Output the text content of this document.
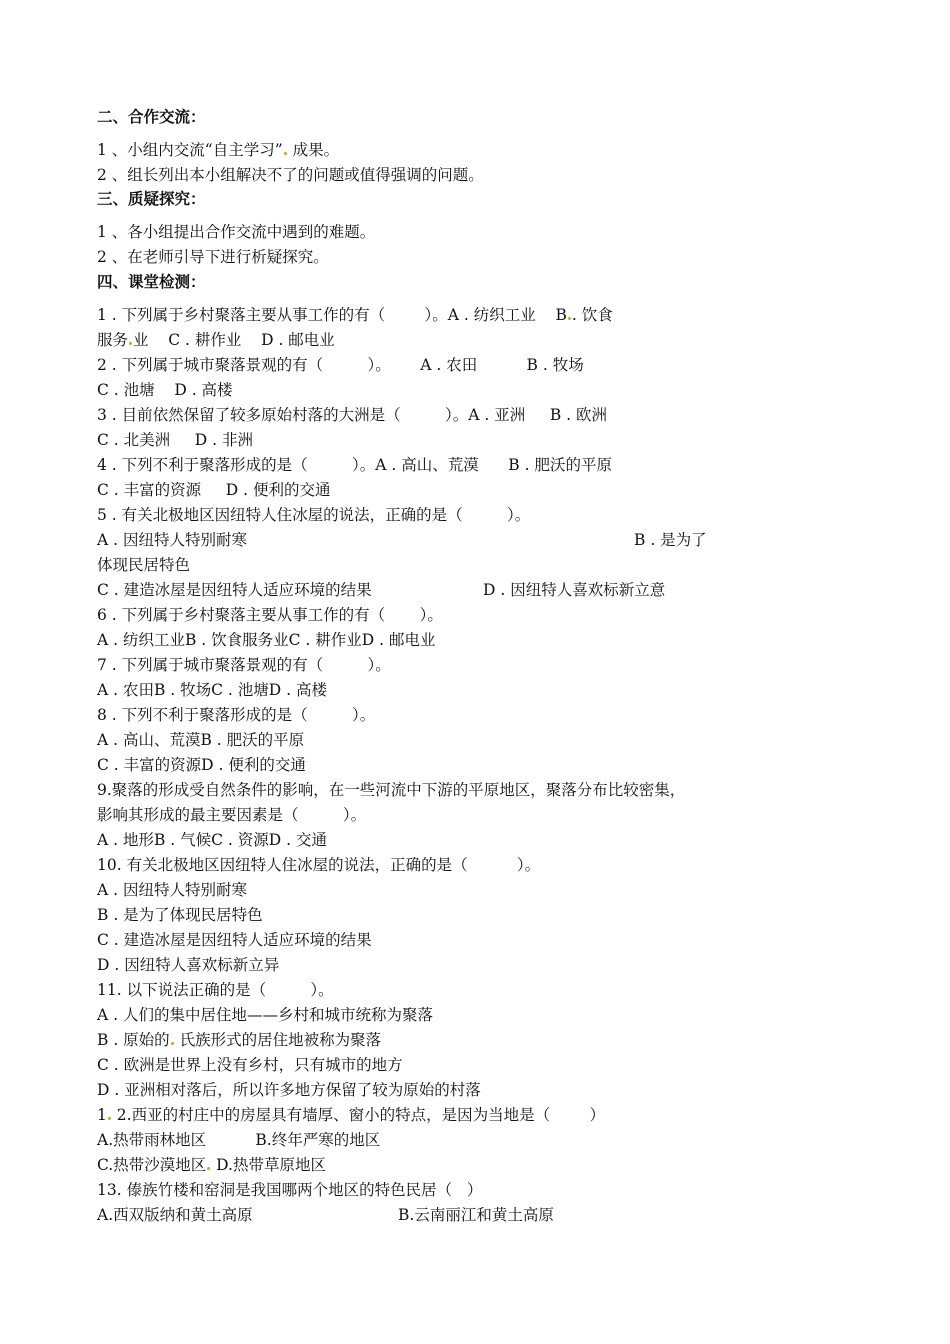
二、合作交流：
1 、小组内交流“自主学习” 成果。
2 、组长列出本小组解决不了的问题或值得强调的问题。
三、质疑探究：
1 、各小组提出合作交流中遇到的难题。
2 、在老师引导下进行析疑探究。
四、课堂检测：
1 . 下列属于乡村聚落主要从事工作的有（        ）。A . 纺织工业    B . 饮食
服务 业    C . 耕作业    D . 邮电业
2 . 下列属于城市聚落景观的有（         ）。      A . 农田          B . 牧场
C . 池塘    D . 高楼
3 . 目前依然保留了较多原始村落的大洲是（         ）。A . 亚洲     B . 欧洲
C . 北美洲     D . 非洲
4 . 下列不利于聚落形成的是（         ）。A . 高山、荒漠      B . 肥沃的平原
C . 丰富的资源     D . 便利的交通
5 . 有关北极地区因纽特人住冰屋的说法，正确的是（         ）。
A . 因纽特人特别耐寒	B . 是为了
体现民居特色
C . 建造冰屋是因纽特人适应环境的结果	D . 因纽特人喜欢标新立意
6 . 下列属于乡村聚落主要从事工作的有（       ）。
A . 纺织工业B . 饮食服务业C . 耕作业D . 邮电业
7 . 下列属于城市聚落景观的有（         ）。
A . 农田B . 牧场C . 池塘D . 高楼
8 . 下列不利于聚落形成的是（         ）。
A . 高山、荒漠B . 肥沃的平原
C . 丰富的资源D . 便利的交通
9.聚落的形成受自然条件的影响，在一些河流中下游的平原地区，聚落分布比较密集，
影响其形成的最主要因素是（         ）。
A . 地形B . 气候C . 资源D . 交通
10. 有关北极地区因纽特人住冰屋的说法，正确的是（          ）。
A . 因纽特人特别耐寒
B . 是为了体现民居特色
C . 建造冰屋是因纽特人适应环境的结果
D . 因纽特人喜欢标新立异
11. 以下说法正确的是（         ）。
A . 人们的集中居住地——乡村和城市统称为聚落
B . 原始的 氏族形式的居住地被称为聚落
C . 欧洲是世界上没有乡村，只有城市的地方
D . 亚洲相对落后，所以许多地方保留了较为原始的村落
1 2.西亚的村庄中的房屋具有墙厚、窗小的特点，是因为当地是（        ）
A.热带雨林地区          B.终年严寒的地区
C.热带沙漠地区 D.热带草原地区
13. 傣族竹楼和窑洞是我国哪两个地区的特色民居（   ）
A.西双版纳和黄土高原	B.云南丽江和黄土高原
